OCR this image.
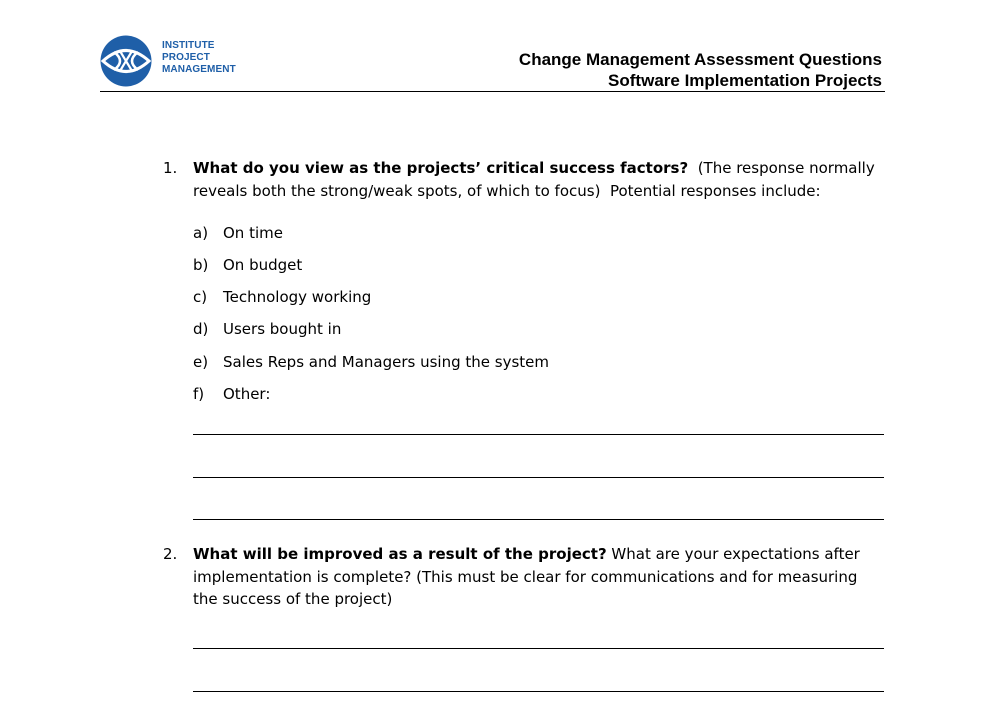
INSTITUTE
PROJECT
MANAGEMENT
Change Management Assessment Questions
Software Implementation Projects
1. What do you view as the projects’ critical success factors?  (The response normally reveals both the strong/weak spots, of which to focus)  Potential responses include:
a) On time
b) On budget
c) Technology working
d) Users bought in
e) Sales Reps and Managers using the system
f) Other:
2. What will be improved as a result of the project? What are your expectations after implementation is complete? (This must be clear for communications and for measuring the success of the project)
